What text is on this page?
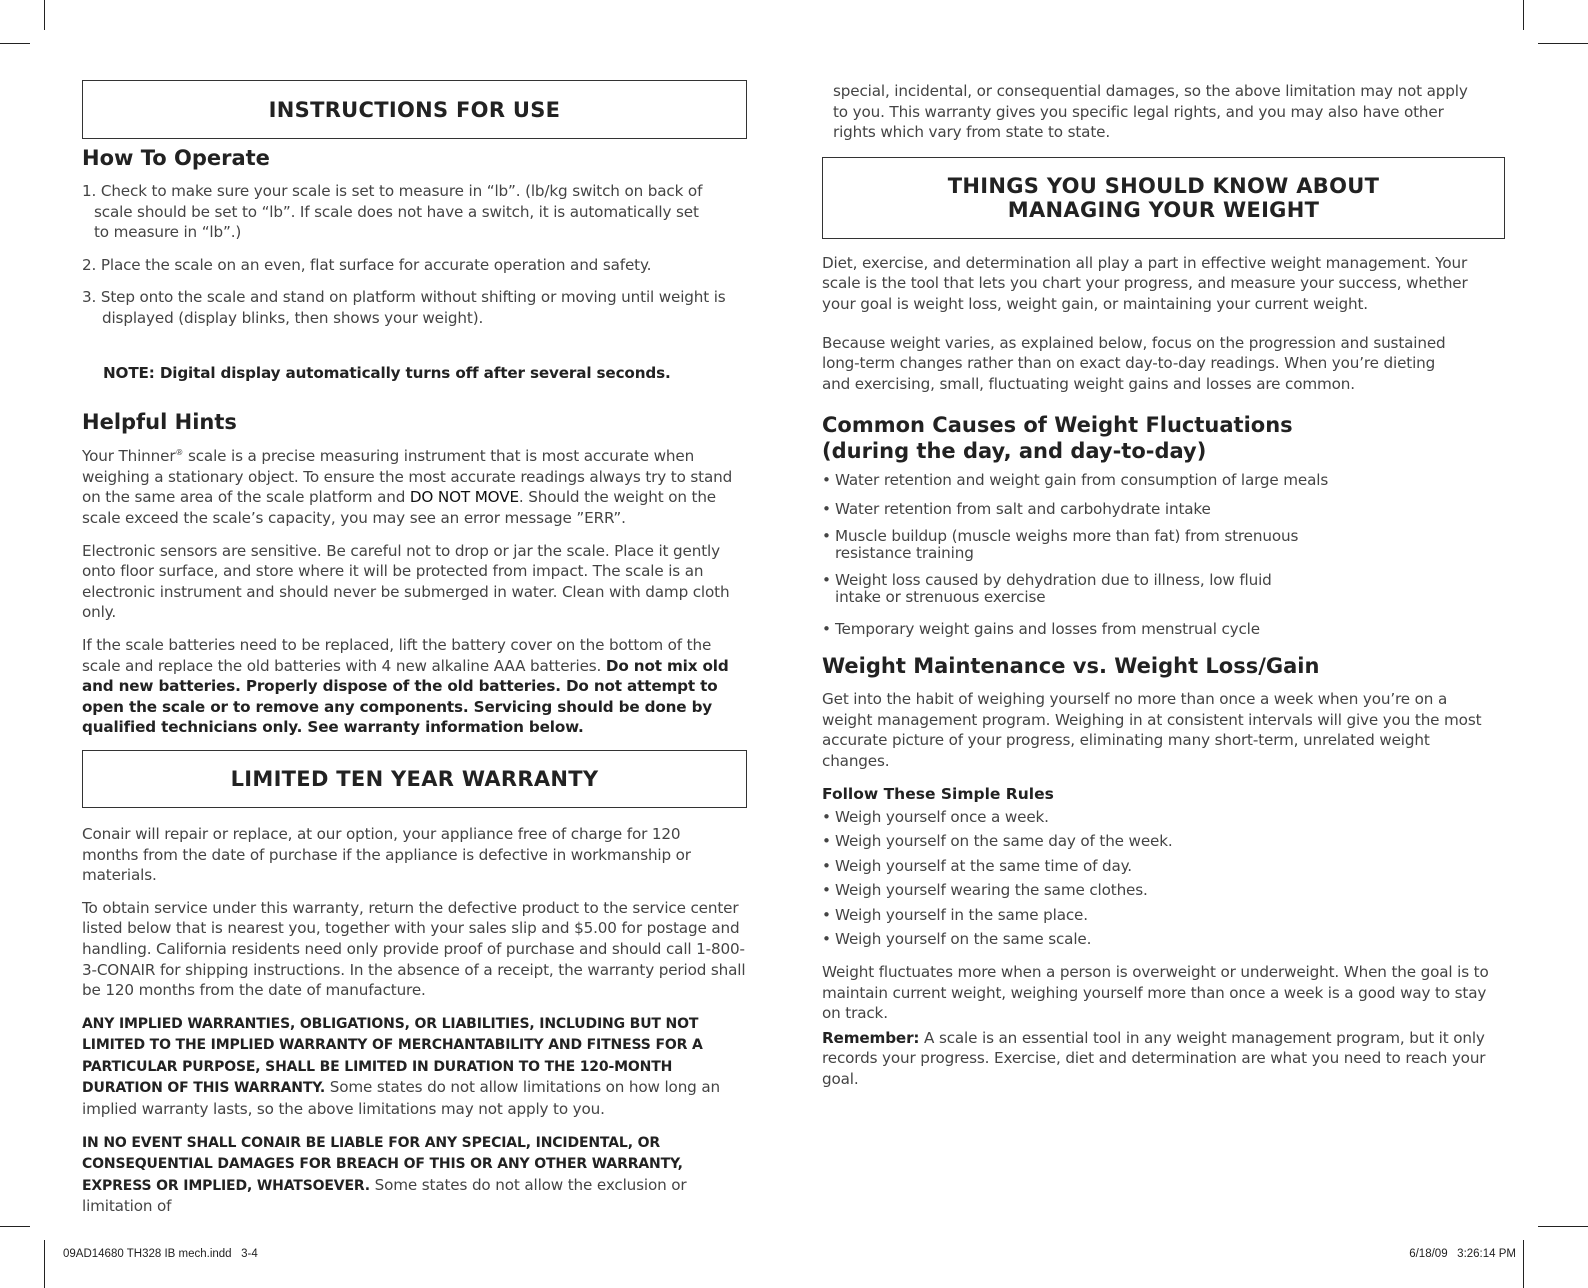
INSTRUCTIONS FOR USE
How To Operate

1. Check to make sure your scale is set to measure in “lb”. (lb/kg switch on back of scale should be set to “lb”. If scale does not have a switch, it is automatically set to measure in “lb”.)

2. Place the scale on an even, flat surface for accurate operation and safety.

3. Step onto the scale and stand on platform without shifting or moving until weight is displayed (display blinks, then shows your weight).

NOTE: Digital display automatically turns off after several seconds.

Helpful Hints

Your Thinner® scale is a precise measuring instrument that is most accurate when weighing a stationary object. To ensure the most accurate readings always try to stand on the same area of the scale platform and DO NOT MOVE. Should the weight on the scale exceed the scale’s capacity, you may see an error message ”ERR”.

Electronic sensors are sensitive. Be careful not to drop or jar the scale. Place it gently onto floor surface, and store where it will be protected from impact. The scale is an electronic instrument and should never be submerged in water. Clean with damp cloth only.

If the scale batteries need to be replaced, lift the battery cover on the bottom of the scale and replace the old batteries with 4 new alkaline AAA batteries. Do not mix old and new batteries. Properly dispose of the old batteries. Do not attempt to open the scale or to remove any components. Servicing should be done by qualified technicians only. See warranty information below.

LIMITED TEN YEAR WARRANTY

Conair will repair or replace, at our option, your appliance free of charge for 120 months from the date of purchase if the appliance is defective in workmanship or materials.

To obtain service under this warranty, return the defective product to the service center listed below that is nearest you, together with your sales slip and $5.00 for postage and handling. California residents need only provide proof of purchase and should call 1-800-3-CONAIR for shipping instructions. In the absence of a receipt, the warranty period shall be 120 months from the date of manufacture.

ANY IMPLIED WARRANTIES, OBLIGATIONS, OR LIABILITIES, INCLUDING BUT NOT LIMITED TO THE IMPLIED WARRANTY OF MERCHANTABILITY AND FITNESS FOR A PARTICULAR PURPOSE, SHALL BE LIMITED IN DURATION TO THE 120-MONTH DURATION OF THIS WARRANTY. Some states do not allow limitations on how long an implied warranty lasts, so the above limitations may not apply to you.

IN NO EVENT SHALL CONAIR BE LIABLE FOR ANY SPECIAL, INCIDENTAL, OR CONSEQUENTIAL DAMAGES FOR BREACH OF THIS OR ANY OTHER WARRANTY, EXPRESS OR IMPLIED, WHATSOEVER. Some states do not allow the exclusion or limitation of

special, incidental, or consequential damages, so the above limitation may not apply to you. This warranty gives you specific legal rights, and you may also have other rights which vary from state to state.

THINGS YOU SHOULD KNOW ABOUT
MANAGING YOUR WEIGHT

Diet, exercise, and determination all play a part in effective weight management. Your scale is the tool that lets you chart your progress, and measure your success, whether your goal is weight loss, weight gain, or maintaining your current weight.

Because weight varies, as explained below, focus on the progression and sustained long-term changes rather than on exact day-to-day readings. When you’re dieting and exercising, small, fluctuating weight gains and losses are common.

Common Causes of Weight Fluctuations
(during the day, and day-to-day)
• Water retention and weight gain from consumption of large meals
• Water retention from salt and carbohydrate intake
• Muscle buildup (muscle weighs more than fat) from strenuous resistance training
• Weight loss caused by dehydration due to illness, low fluid intake or strenuous exercise
• Temporary weight gains and losses from menstrual cycle
Weight Maintenance vs. Weight Loss/Gain

Get into the habit of weighing yourself no more than once a week when you’re on a weight management program. Weighing in at consistent intervals will give you the most accurate picture of your progress, eliminating many short-term, unrelated weight changes.

Follow These Simple Rules
• Weigh yourself once a week.
• Weigh yourself on the same day of the week.
• Weigh yourself at the same time of day.
• Weigh yourself wearing the same clothes.
• Weigh yourself in the same place.
• Weigh yourself on the same scale.

Weight fluctuates more when a person is overweight or underweight. When the goal is to maintain current weight, weighing yourself more than once a week is a good way to stay on track.

Remember: A scale is an essential tool in any weight management program, but it only records your progress. Exercise, diet and determination are what you need to reach your goal.

09AD14680 TH328 IB mech.indd   3-4	6/18/09   3:26:14 PM
